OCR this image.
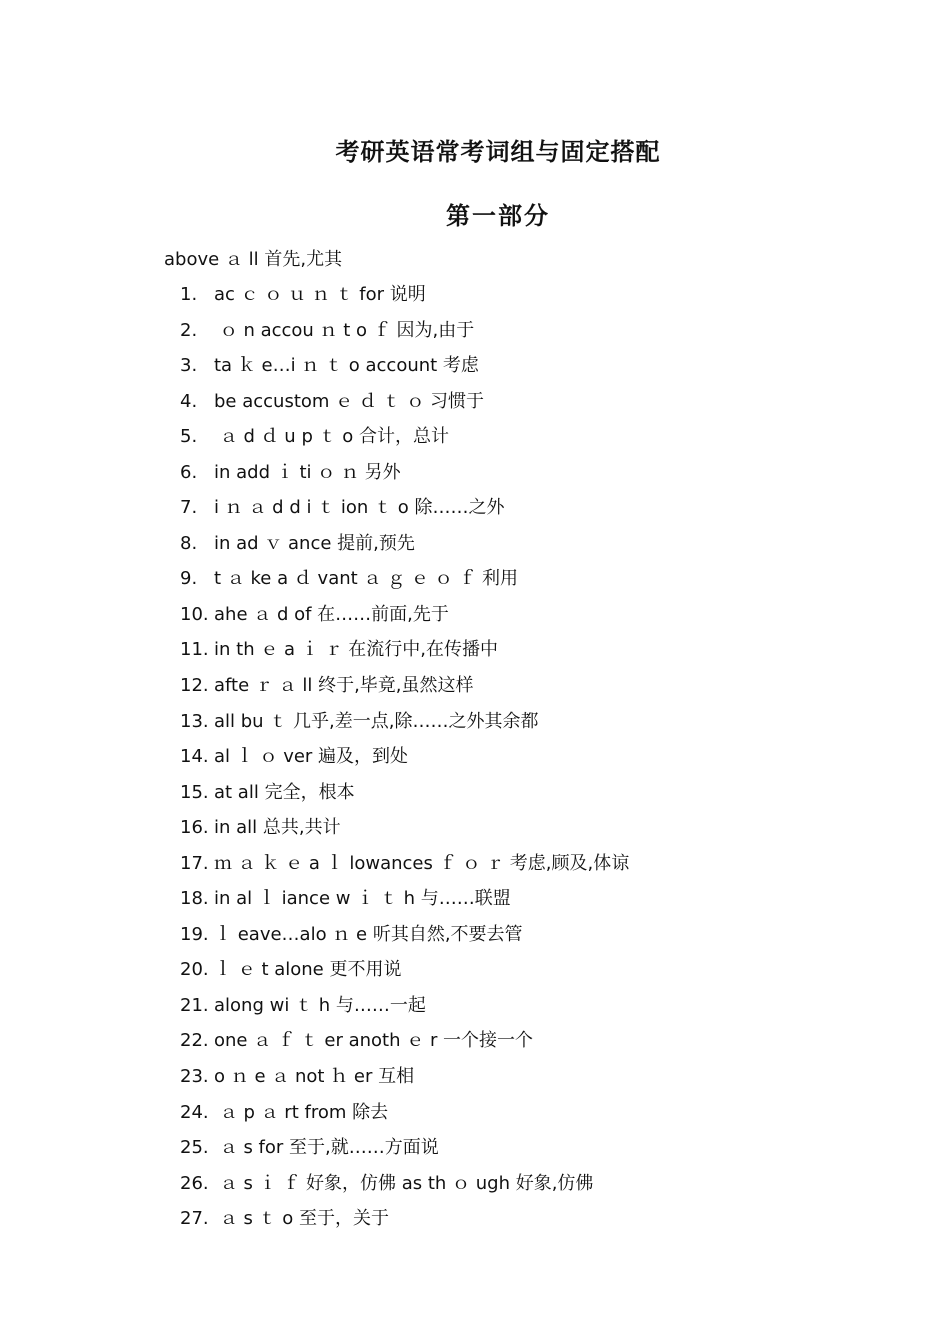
考研英语常考词组与固定搭配
第一部分
above ａ ll 首先,尤其
1. ac ｃ ｏ ｕ ｎ ｔ for 说明
2. ｏ n accou ｎ t o ｆ 因为,由于
3. ta ｋ e…i ｎ ｔ o account 考虑
4. be accustom ｅ ｄ ｔ ｏ 习惯于
5. ａ d ｄ u p ｔ o 合计，总计
6. in add ｉ ti ｏ ｎ 另外
7. i ｎ ａ d d i ｔ ion ｔ o 除……之外
8. in ad ｖ ance 提前,预先
9. t ａ ke a ｄ vant ａ ｇ ｅ ｏ ｆ 利用
10. ahe ａ d of 在……前面,先于
11. in th ｅ a ｉ ｒ 在流行中,在传播中
12. afte ｒ ａ ll 终于,毕竟,虽然这样
13. all bu ｔ 几乎,差一点,除……之外其余都
14. al ｌ ｏ ver 遍及，到处
15. at all 完全，根本
16. in all 总共,共计
17. ｍ ａ ｋ ｅ a ｌ lowances ｆ ｏ ｒ 考虑,顾及,体谅
18. in al ｌ iance w ｉ ｔ h 与……联盟
19. ｌ eave…alo ｎ e 听其自然,不要去管
20. ｌ ｅ t alone 更不用说
21. along wi ｔ h 与……一起
22. one ａ ｆ ｔ er anoth ｅ r 一个接一个
23. o ｎ e ａ not ｈ er 互相
24. ａ p ａ rt from 除去
25. ａ s for 至于,就……方面说
26. ａ s ｉ ｆ 好象，仿佛 as th ｏ ugh 好象,仿佛
27. ａ s ｔ o 至于，关于
